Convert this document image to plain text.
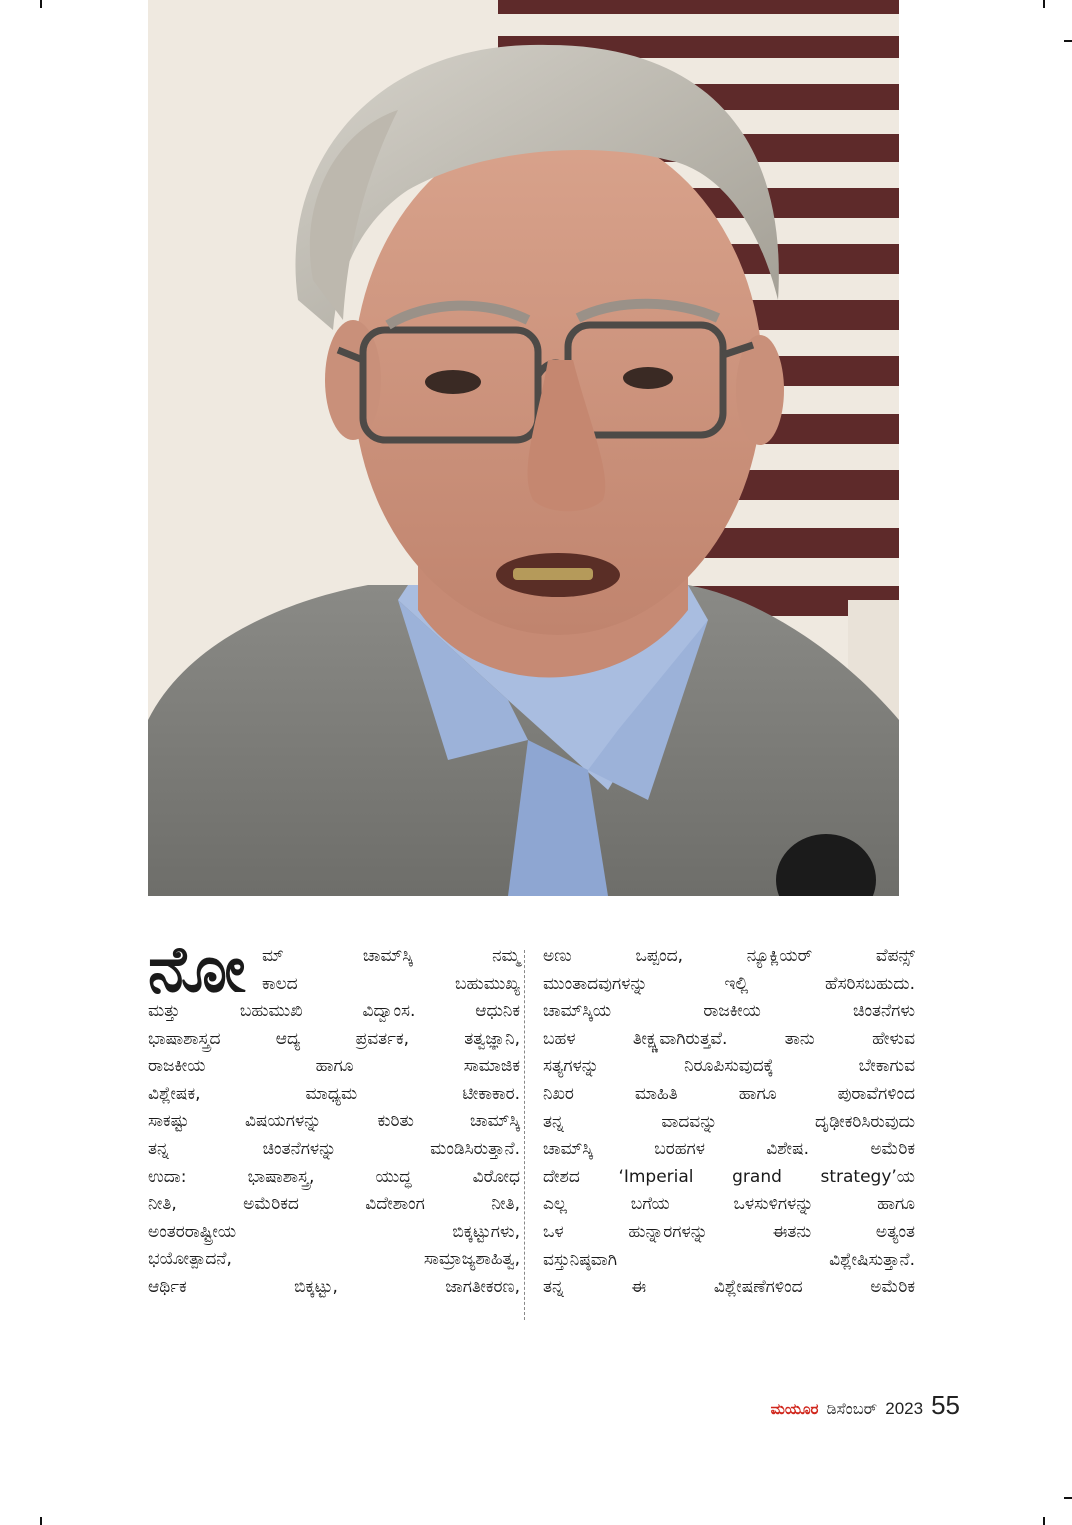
ನೋ	ಮ್ ಚಾಮ್‌ಸ್ಕಿ ನಮ್ಮ
ಕಾಲದ ಬಹುಮುಖ್ಯ
ಮತ್ತು ಬಹುಮುಖಿ ವಿದ್ವಾಂಸ. ಆಧುನಿಕ
ಭಾಷಾಶಾಸ್ತ್ರದ ಆದ್ಯ ಪ್ರವರ್ತಕ, ತತ್ವಜ್ಞಾನಿ,
ರಾಜಕೀಯ ಹಾಗೂ ಸಾಮಾಜಿಕ
ವಿಶ್ಲೇಷಕ, ಮಾಧ್ಯಮ ಟೀಕಾಕಾರ.
ಸಾಕಷ್ಟು ವಿಷಯಗಳನ್ನು ಕುರಿತು ಚಾಮ್‌ಸ್ಕಿ
ತನ್ನ ಚಿಂತನೆಗಳನ್ನು ಮಂಡಿಸಿರುತ್ತಾನೆ.
ಉದಾ: ಭಾಷಾಶಾಸ್ತ್ರ, ಯುದ್ಧ ವಿರೋಧ
ನೀತಿ, ಅಮೆರಿಕದ ವಿದೇಶಾಂಗ ನೀತಿ,
ಅಂತರರಾಷ್ಟ್ರೀಯ ಬಿಕ್ಕಟ್ಟುಗಳು,
ಭಯೋತ್ಪಾದನೆ, ಸಾಮ್ರಾಜ್ಯಶಾಹಿತ್ವ,
ಆರ್ಥಿಕ ಬಿಕ್ಕಟ್ಟು, ಜಾಗತೀಕರಣ,
ಅಣು ಒಪ್ಪಂದ, ನ್ಯೂಕ್ಲಿಯರ್ ವೆಪನ್ಸ್
ಮುಂತಾದವುಗಳನ್ನು ಇಲ್ಲಿ ಹೆಸರಿಸಬಹುದು.
ಚಾಮ್‌ಸ್ಕಿಯ ರಾಜಕೀಯ ಚಿಂತನೆಗಳು
ಬಹಳ ತೀಕ್ಷ್ಣವಾಗಿರುತ್ತವೆ. ತಾನು ಹೇಳುವ
ಸತ್ಯಗಳನ್ನು ನಿರೂಪಿಸುವುದಕ್ಕೆ ಬೇಕಾಗುವ
ನಿಖರ ಮಾಹಿತಿ ಹಾಗೂ ಪುರಾವೆಗಳಿಂದ
ತನ್ನ ವಾದವನ್ನು ದೃಢೀಕರಿಸಿರುವುದು
ಚಾಮ್‌ಸ್ಕಿ ಬರಹಗಳ ವಿಶೇಷ. ಅಮೆರಿಕ
ದೇಶದ ‘Imperial grand strategy’ಯ
ಎಲ್ಲ ಬಗೆಯ ಒಳಸುಳಿಗಳನ್ನು ಹಾಗೂ
ಒಳ ಹುನ್ನಾರಗಳನ್ನು ಈತನು ಅತ್ಯಂತ
ವಸ್ತುನಿಷ್ಠವಾಗಿ ವಿಶ್ಲೇಷಿಸುತ್ತಾನೆ.
ತನ್ನ ಈ ವಿಶ್ಲೇಷಣೆಗಳಿಂದ ಅಮೆರಿಕ
ಮಯೂರ ಡಿಸೆಂಬರ್ 2023 55
